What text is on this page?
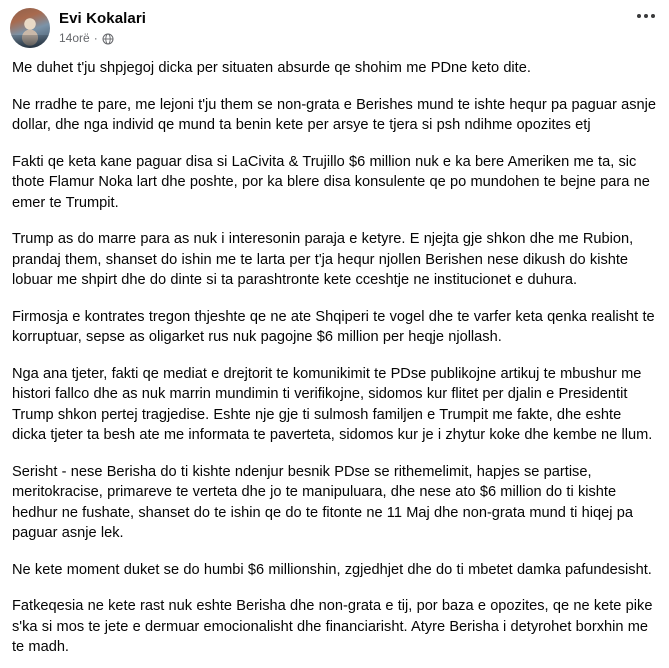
Evi Kokalari
14orë ·

Me duhet t'ju shpjegoj dicka per situaten absurde qe shohim me PDne keto dite.

Ne rradhe te pare, me lejoni t'ju them se non-grata e Berishes mund te ishte hequr pa paguar asnje dollar, dhe nga individ qe mund ta benin kete per arsye te tjera si psh ndihme opozites etj

Fakti qe keta kane paguar disa si LaCivita & Trujillo $6 million nuk e ka bere Ameriken me ta, sic thote Flamur Noka lart dhe poshte, por ka blere disa konsulente qe po mundohen te bejne para ne emer te Trumpit.

Trump as do marre para as nuk i interesonin paraja e ketyre. E njejta gje shkon dhe me Rubion, prandaj them, shanset do ishin me te larta per t'ja hequr njollen Berishen nese dikush do kishte lobuar me shpirt dhe do dinte si ta parashtronte kete cceshtje ne institucionet e duhura.

Firmosja e kontrates tregon thjeshte qe ne ate Shqiperi te vogel dhe te varfer keta qenka realisht te korruptuar, sepse as oligarket rus nuk pagojne $6 million per heqje njollash.

Nga ana tjeter, fakti qe mediat e drejtorit te komunikimit te PDse publikojne artikuj te mbushur me histori fallco dhe as nuk marrin mundimin ti verifikojne, sidomos kur flitet per djalin e Presidentit Trump shkon pertej tragjedise. Eshte nje gje ti sulmosh familjen e Trumpit me fakte, dhe eshte dicka tjeter ta besh ate me informata te paverteta, sidomos kur je i zhytur koke dhe kembe ne llum.

Serisht - nese Berisha do ti kishte ndenjur besnik PDse se rithemelimit, hapjes se partise, meritokracise, primareve te verteta dhe jo te manipuluara, dhe nese ato $6 million do ti kishte hedhur ne fushate, shanset do te ishin qe do te fitonte ne 11 Maj dhe non-grata mund ti hiqej pa paguar asnje lek.

Ne kete moment duket se do humbi $6 millionshin, zgjedhjet dhe do ti mbetet damka pafundesisht.

Fatkeqesia ne kete rast nuk eshte Berisha dhe non-grata e tij, por baza e opozites, qe ne kete pike s'ka si mos te jete e dermuar emocionalisht dhe financiarisht. Atyre Berisha i detyrohet borxhin me te madh.
